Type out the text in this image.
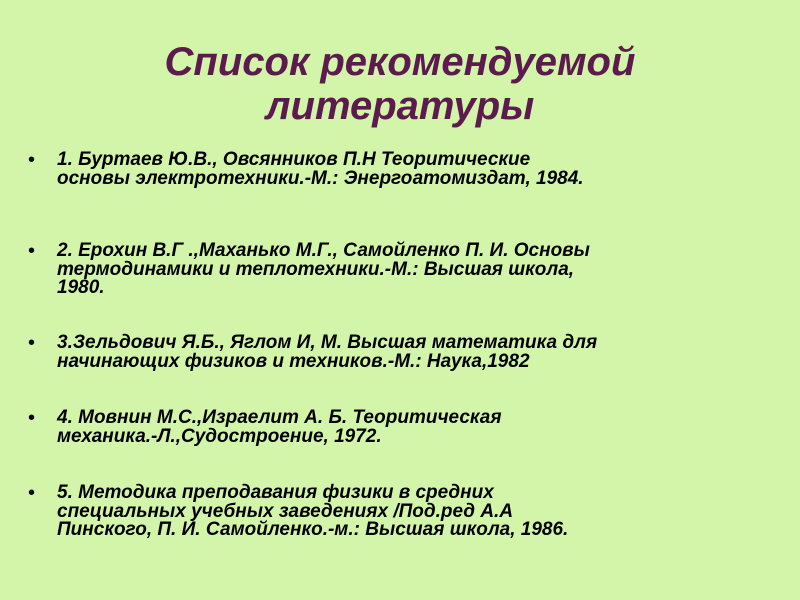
Список рекомендуемой
литературы
•	1. Буртаев Ю.В., Овсянников П.Н Теоритические
основы электротехники.-М.: Энергоатомиздат, 1984.
•	2. Ерохин В.Г .,Маханько М.Г., Самойленко П. И. Основы
термодинамики и теплотехники.-М.: Высшая школа,
1980.
•	3.Зельдович Я.Б., Яглом И, М. Высшая математика для
начинающих физиков и техников.-М.: Наука,1982
•	4. Мовнин М.С.,Израелит А. Б. Теоритическая
механика.-Л.,Судостроение, 1972.
•	5. Методика преподавания физики в средних
специальных учебных заведениях /Под.ред А.А
Пинского, П. И. Самойленко.-м.: Высшая школа, 1986.
